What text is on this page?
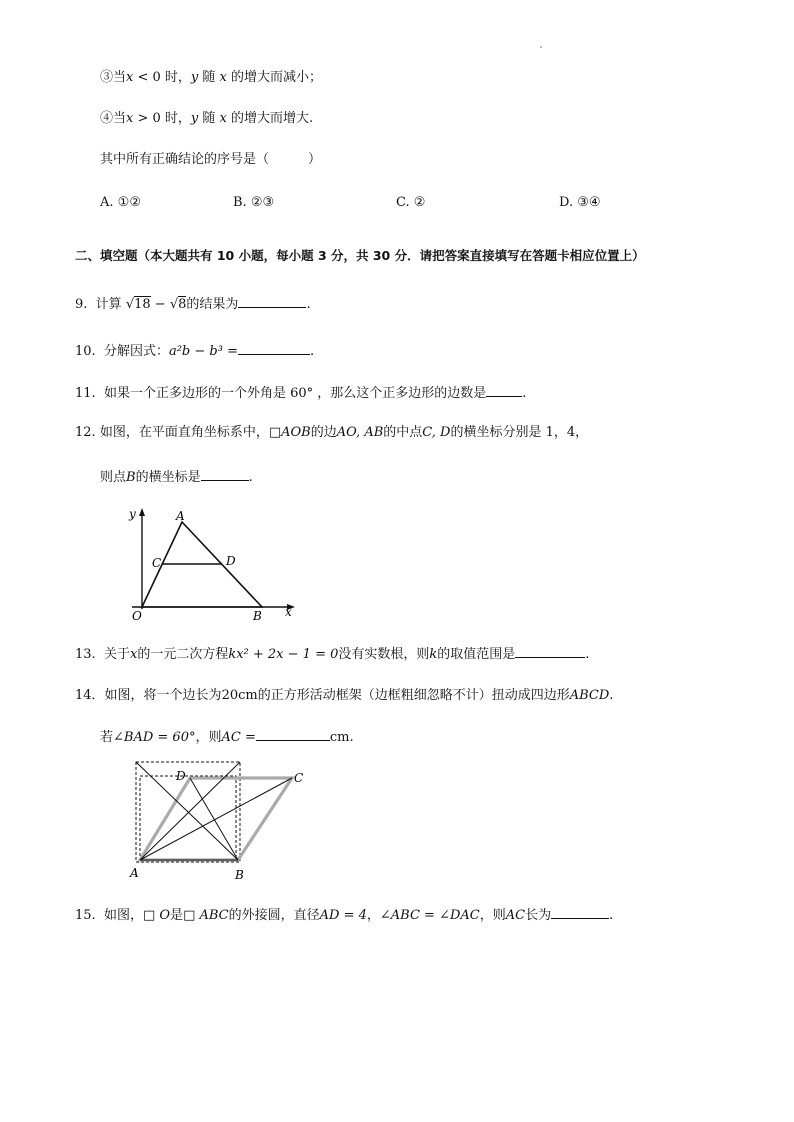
③当x < 0 时，y 随 x 的增大而减小；
④当x > 0 时，y 随 x 的增大而增大.
其中所有正确结论的序号是（　　　）
A. ①②	B. ②③	C. ②	D. ③④
二、填空题（本大题共有 10 小题，每小题 3 分，共 30 分．请把答案直接填写在答题卡相应位置上）
9. 计算 √18 − √8的结果为	.
10. 分解因式：a²b − b³ =	.
11. 如果一个正多边形的一个外角是 60° ，那么这个正多边形的边数是	.
12. 如图，在平面直角坐标系中，□AOB的边AO, AB的中点C, D的横坐标分别是 1，4，
则点B的横坐标是	.
y
x
A
C	D
O	B
13. 关于x的一元二次方程kx² + 2x − 1 = 0没有实数根，则k的取值范围是	.
14．如图，将一个边长为20cm的正方形活动框架（边框粗细忽略不计）扭动成四边形ABCD.
若∠BAD = 60°，则AC =	cm.
A	B
C
D
15. 如图，□ O是□ ABC的外接圆，直径AD = 4，∠ABC = ∠DAC，则AC长为	.
